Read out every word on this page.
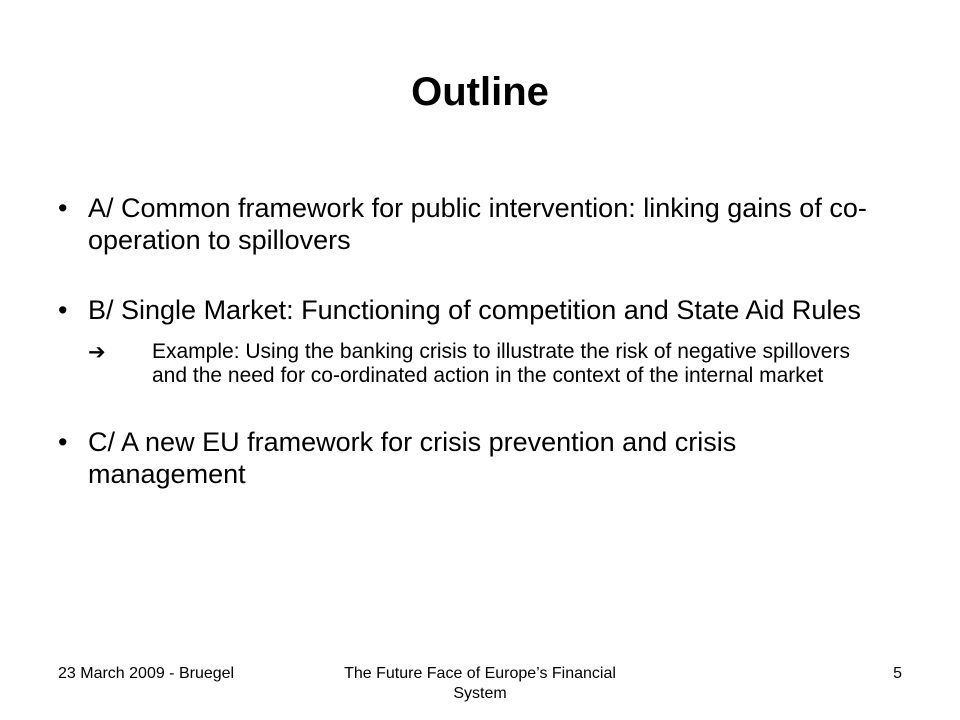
Outline
• A/ Common framework for public intervention: linking gains of co-operation to spillovers
• B/ Single Market: Functioning of competition and State Aid Rules
➔ Example: Using the banking crisis to illustrate the risk of negative spillovers and the need for co-ordinated action in the context of the internal market
• C/ A new EU framework for crisis prevention and crisis management
23 March 2009 - Bruegel	The Future Face of Europe’s Financial System
5
